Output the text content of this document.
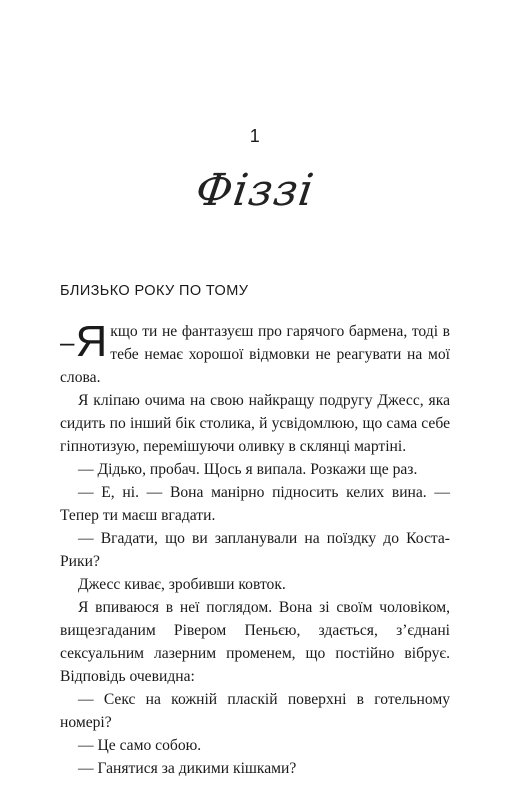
1
Фіззі
БЛИЗЬКО РОКУ ПО ТОМУ

– Я кщо ти не фантазуєш про гарячого бармена, тоді в тебе немає хорошої відмовки не реагувати на мої слова.

Я кліпаю очима на свою найкращу подругу Джесс, яка сидить по інший бік столика, й усвідомлюю, що сама себе гіпнотизую, перемішуючи оливку в склянці мартіні.

— Дідько, пробач. Щось я випала. Розкажи ще раз.

— Е, ні. — Вона манірно підносить келих вина. — Тепер ти маєш вгадати.

— Вгадати, що ви запланували на поїздку до Коста-Рики?

Джесс киває, зробивши ковток.

Я впиваюся в неї поглядом. Вона зі своїм чоловіком, вищезгаданим Рівером Пеньєю, здається, з’єднані сексуальним лазерним променем, що постійно вібрує. Відповідь очевидна:

— Секс на кожній пласкій поверхні в готельному номері?

— Це само собою.

— Ганятися за дикими кішками?
